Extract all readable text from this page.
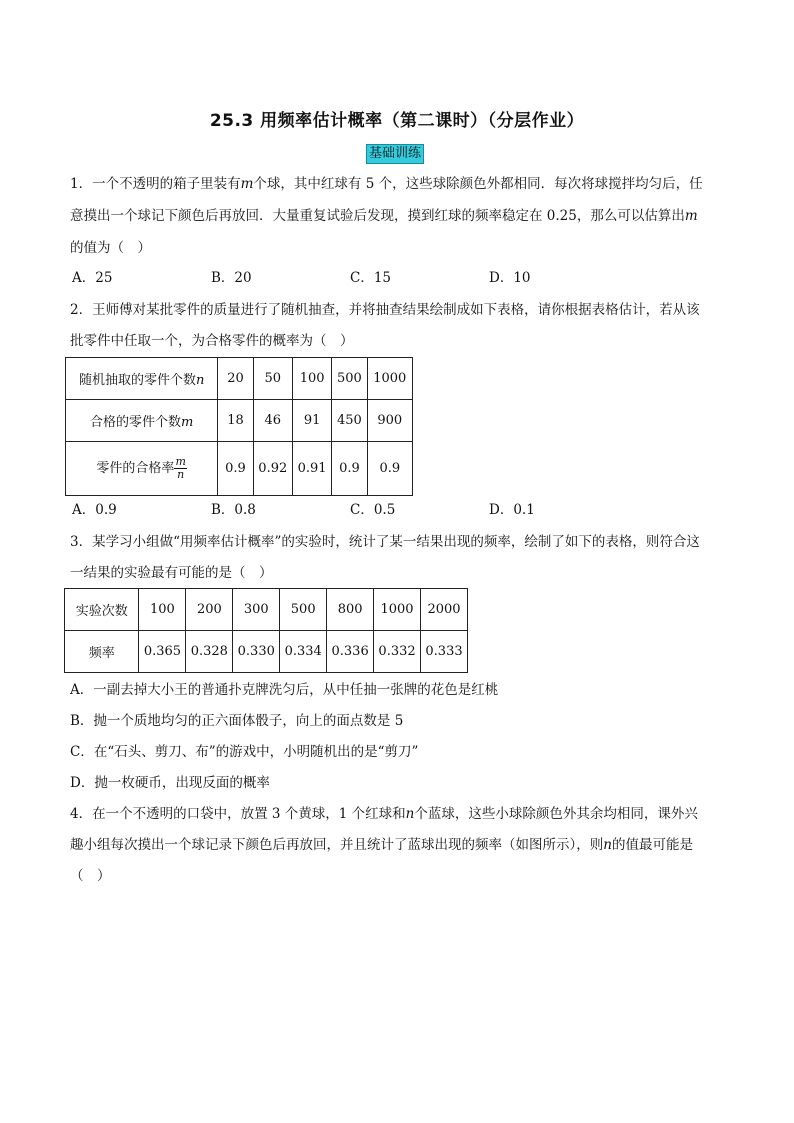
25.3 用频率估计概率（第二课时）（分层作业）
基础训练
1．一个不透明的箱子里装有m个球，其中红球有 5 个，这些球除颜色外都相同．每次将球搅拌均匀后，任
意摸出一个球记下颜色后再放回．大量重复试验后发现，摸到红球的频率稳定在 0.25，那么可以估算出m
的值为（　）
A．25	B．20	C．15	D．10
2．王师傅对某批零件的质量进行了随机抽查，并将抽查结果绘制成如下表格，请你根据表格估计，若从该
批零件中任取一个，为合格零件的概率为（　）
随机抽取的零件个数n	20	50	100	500	1000
合格的零件个数m	18	46	91	450	900
零件的合格率 $\frac{m}{n}$	0.9	0.92	0.91	0.9	0.9
A．0.9	B．0.8	C．0.5	D．0.1
3．某学习小组做“用频率估计概率”的实验时，统计了某一结果出现的频率，绘制了如下的表格，则符合这
一结果的实验最有可能的是（　）
实验次数	100	200	300	500	800	1000	2000
频率	0.365	0.328	0.330	0.334	0.336	0.332	0.333
A．一副去掉大小王的普通扑克牌洗匀后，从中任抽一张牌的花色是红桃
B．抛一个质地均匀的正六面体骰子，向上的面点数是 5
C．在“石头、剪刀、布”的游戏中，小明随机出的是“剪刀”
D．抛一枚硬币，出现反面的概率
4．在一个不透明的口袋中，放置 3 个黄球，1 个红球和n个蓝球，这些小球除颜色外其余均相同，课外兴
趣小组每次摸出一个球记录下颜色后再放回，并且统计了蓝球出现的频率（如图所示），则n的值最可能是
（　）
